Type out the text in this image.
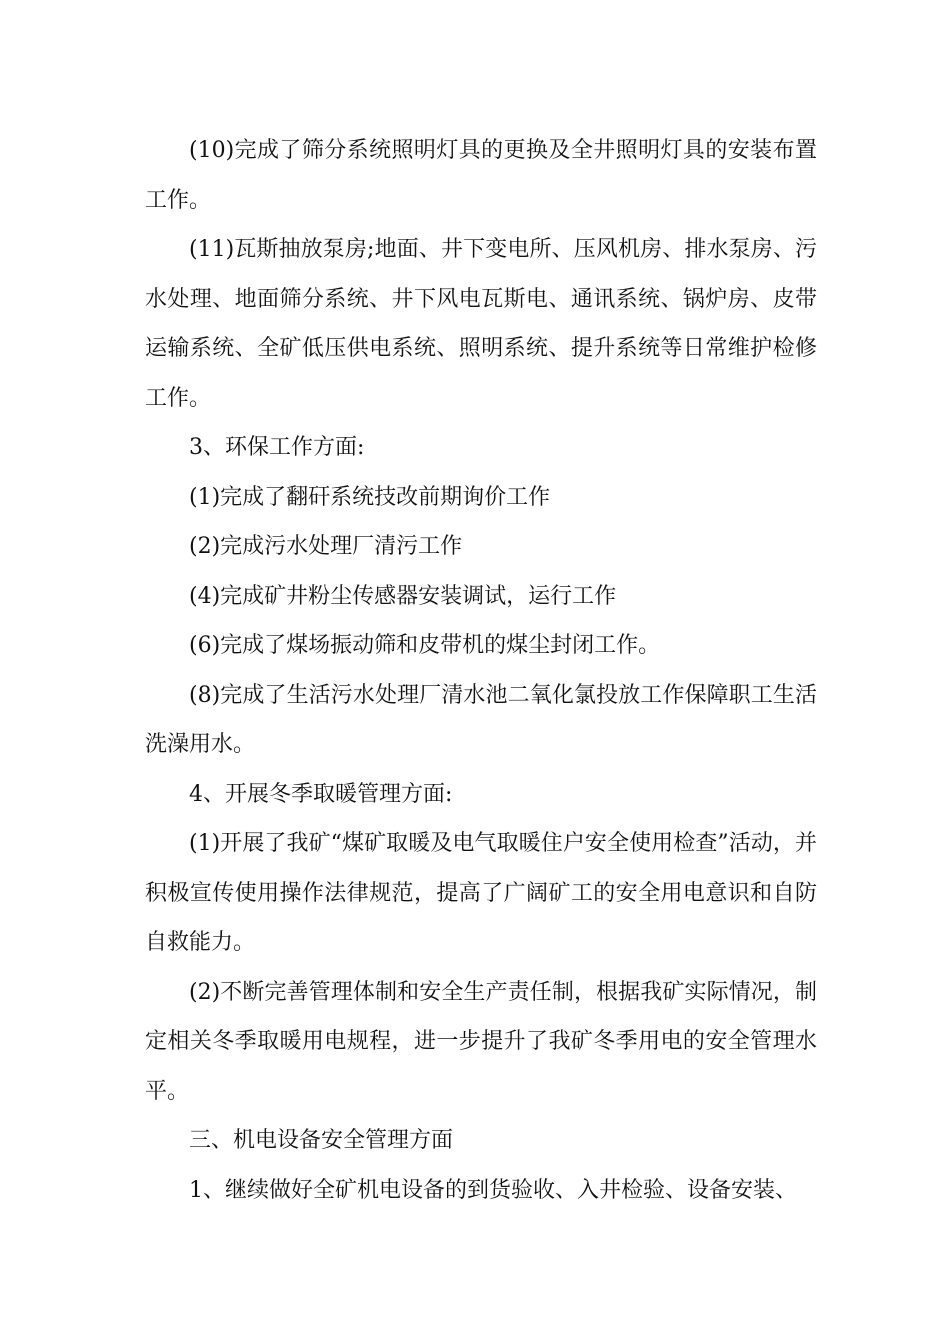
(10)完成了筛分系统照明灯具的更换及全井照明灯具的安装布置工作。

(11)瓦斯抽放泵房;地面、井下变电所、压风机房、排水泵房、污水处理、地面筛分系统、井下风电瓦斯电、通讯系统、锅炉房、皮带运输系统、全矿低压供电系统、照明系统、提升系统等日常维护检修工作。

3、环保工作方面:

(1)完成了翻矸系统技改前期询价工作

(2)完成污水处理厂清污工作

(4)完成矿井粉尘传感器安装调试，运行工作

(6)完成了煤场振动筛和皮带机的煤尘封闭工作。

(8)完成了生活污水处理厂清水池二氧化氯投放工作保障职工生活洗澡用水。

4、开展冬季取暖管理方面:

(1)开展了我矿“煤矿取暖及电气取暖住户安全使用检查”活动，并积极宣传使用操作法律规范，提高了广阔矿工的安全用电意识和自防自救能力。

(2)不断完善管理体制和安全生产责任制，根据我矿实际情况，制定相关冬季取暖用电规程，进一步提升了我矿冬季用电的安全管理水平。

三、机电设备安全管理方面

1、继续做好全矿机电设备的到货验收、入井检验、设备安装、
